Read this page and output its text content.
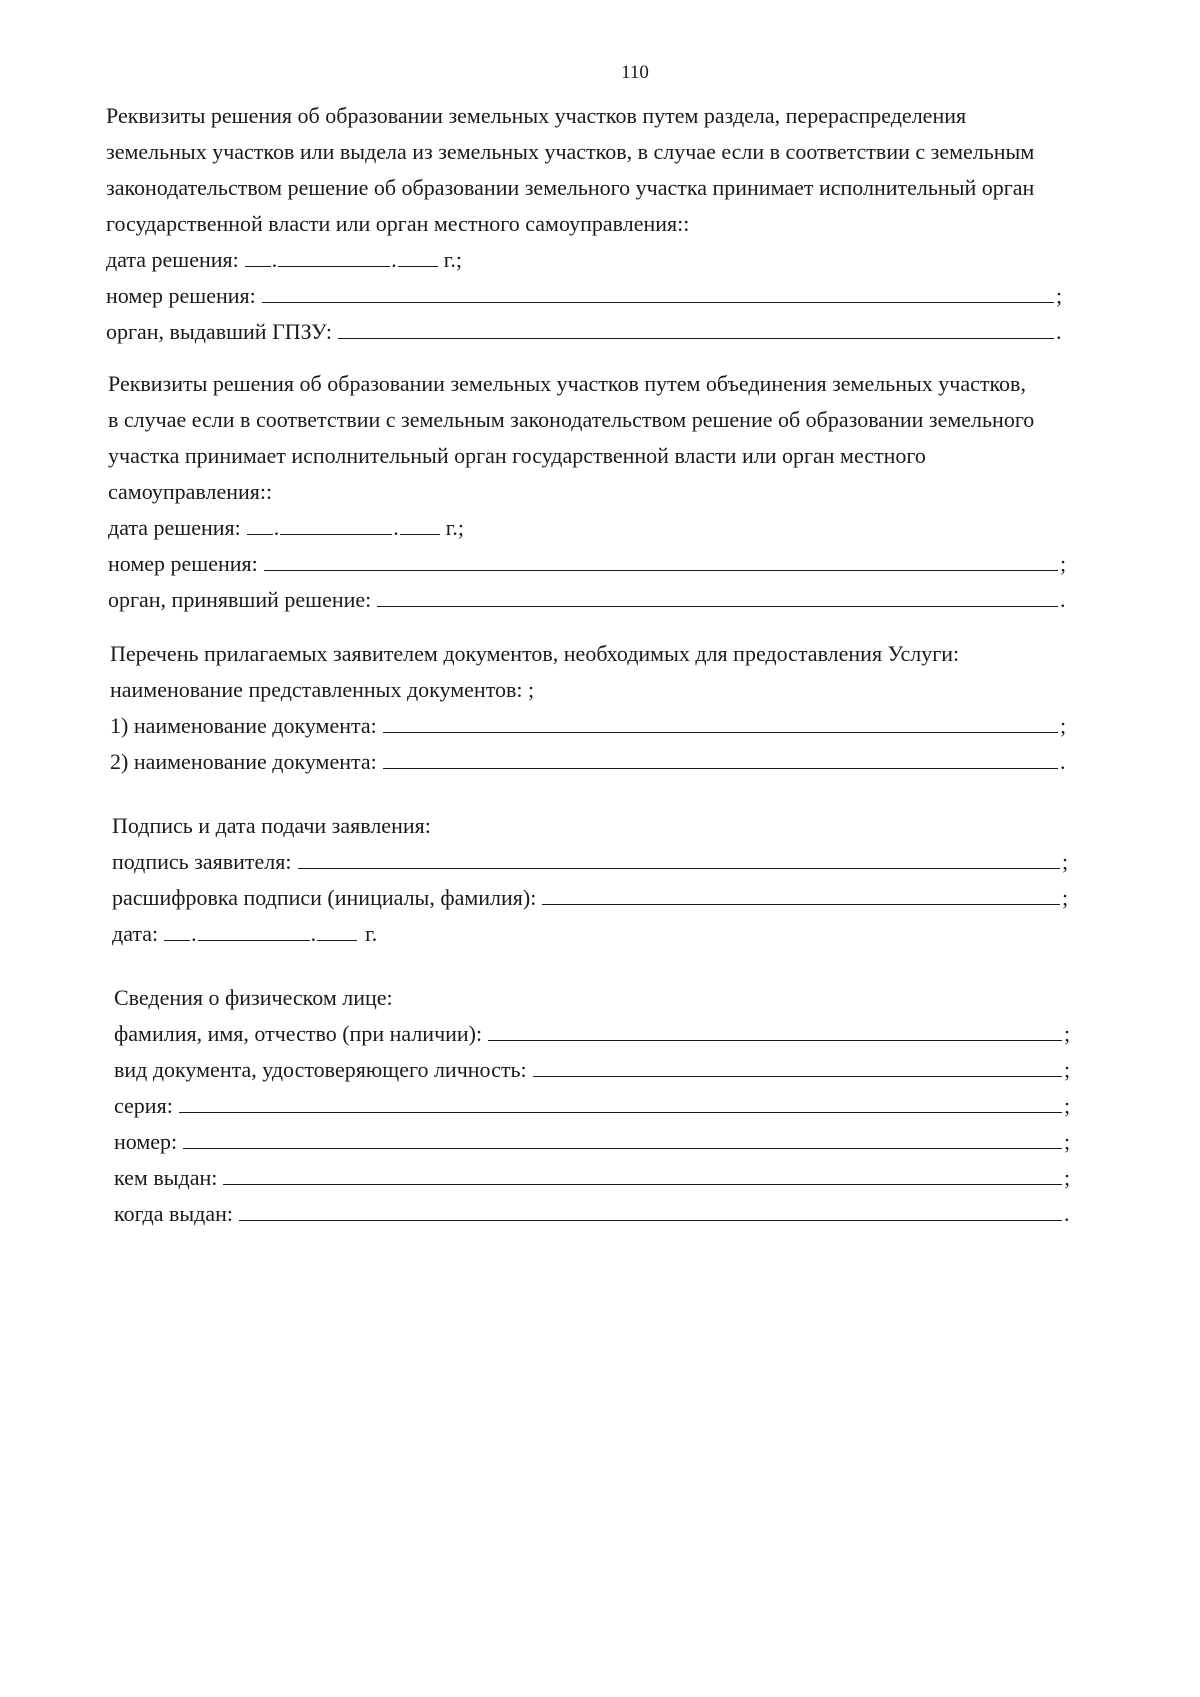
110

Реквизиты решения об образовании земельных участков путем раздела, перераспределения

земельных участков или выдела из земельных участков, в случае если в соответствии с земельным

законодательством решение об образовании земельного участка принимает исполнительный орган

государственной власти или орган местного самоуправления::

дата решения: .	. г.;
номер решения:	;
орган, выдавший ГПЗУ:	.

Реквизиты решения об образовании земельных участков путем объединения земельных участков,

в случае если в соответствии с земельным законодательством решение об образовании земельного

участка принимает исполнительный орган государственной власти или орган местного

самоуправления::

дата решения: .	. г.;
номер решения:	;
орган, принявший решение:	.

Перечень прилагаемых заявителем документов, необходимых для предоставления Услуги:

наименование представленных документов: ;

1) наименование документа:	;
2) наименование документа:	.

Подпись и дата подачи заявления:

подпись заявителя:	;
расшифровка подписи (инициалы, фамилия):	;
дата: .	. г.

Сведения о физическом лице:

фамилия, имя, отчество (при наличии):	;
вид документа, удостоверяющего личность:	;
серия:	;
номер:	;
кем выдан:	;
когда выдан:	.
